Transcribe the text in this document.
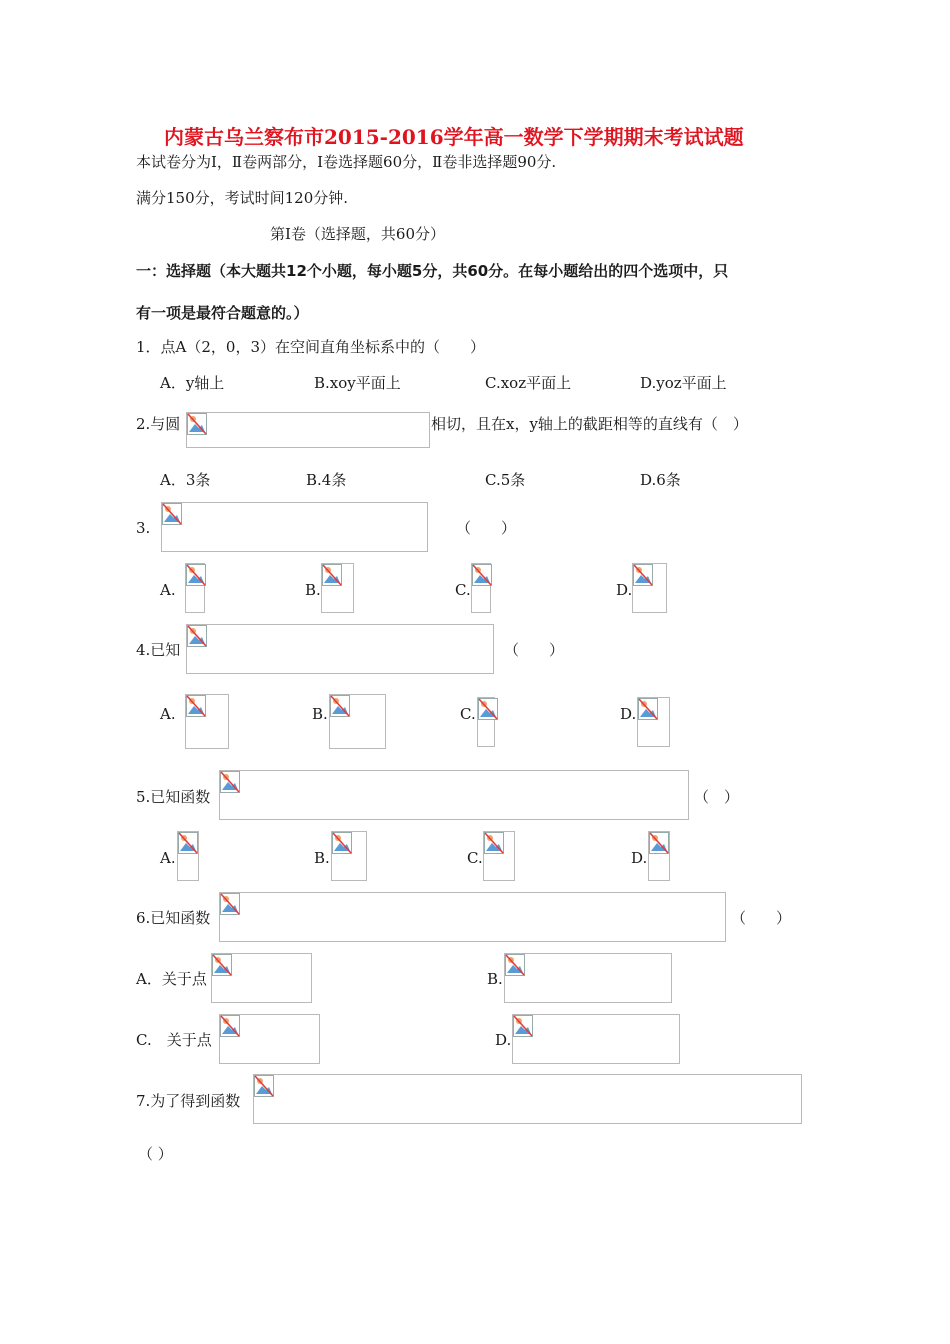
内蒙古乌兰察布市2015-2016学年高一数学下学期期末考试试题
本试卷分为Ⅰ，Ⅱ卷两部分，Ⅰ卷选择题60分，Ⅱ卷非选择题90分.
满分150分，考试时间120分钟.
第Ⅰ卷（选择题，共60分）
一：选择题（本大题共12个小题，每小题5分，共60分。在每小题给出的四个选项中，只
有一项是最符合题意的。）
1．点A（2，0，3）在空间直角坐标系中的（　　）
A．y轴上	B.xoy平面上	C.xoz平面上	D.yoz平面上
2.与圆	相切，且在x，y轴上的截距相等的直线有（　）
A．3条	B.4条	C.5条	D.6条
3.	（　　）
A.	B.	C.	D.
4.已知	（　　）
A.	B.	C.	D.
5.已知函数	（　）
A.	B.	C.	D.
6.已知函数	（　　）
A．关于点	B.
C.　关于点	D.
7.为了得到函数
（ ）
